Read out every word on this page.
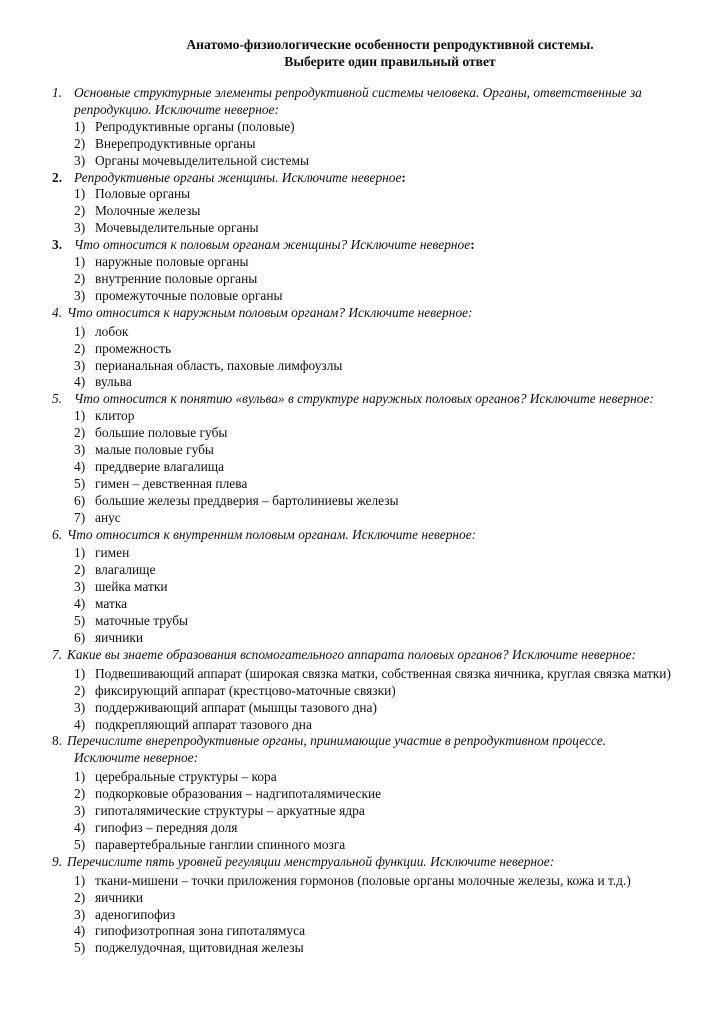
Анатомо-физиологические особенности репродуктивной системы.
Выберите один правильный ответ
1. Основные структурные элементы репродуктивной системы человека. Органы, ответственные за репродукцию. Исключите неверное:
1) Репродуктивные органы (половые)
2) Внерепродуктивные органы
3) Органы мочевыделительной системы
2. Репродуктивные органы женщины. Исключите неверное:
1) Половые органы
2) Молочные железы
3) Мочевыделительные органы
3. Что относится к половым органам женщины? Исключите неверное:
1) наружные половые органы
2) внутренние половые органы
3) промежуточные половые органы
4. Что относится к наружным половым органам? Исключите неверное:
1) лобок
2) промежность
3) перианальная область, паховые лимфоузлы
4) вульва
5. Что относится к понятию «вульва» в структуре наружных половых органов? Исключите неверное:
1) клитор
2) большие половые губы
3) малые половые губы
4) преддверие влагалища
5) гимен – девственная плева
6) большие железы преддверия – бартолиниевы железы
7) анус
6. Что относится к внутренним половым органам. Исключите неверное:
1) гимен
2) влагалище
3) шейка матки
4) матка
5) маточные трубы
6) яичники
7. Какие вы знаете образования вспомогательного аппарата половых органов? Исключите неверное:
1) Подвешивающий аппарат (широкая связка матки, собственная связка яичника, круглая связка матки)
2) фиксирующий аппарат (крестцово-маточные связки)
3) поддерживающий аппарат (мышцы тазового дна)
4) подкрепляющий аппарат тазового дна
8. Перечислите внерепродуктивные органы, принимающие участие в репродуктивном процессе.
Исключите неверное:
1) церебральные структуры – кора
2) подкорковые образования – надгипоталямические
3) гипоталямические структуры – аркуатные ядра
4) гипофиз – передняя доля
5) паравертебральные ганглии спинного мозга
9. Перечислите пять уровней регуляции менструальной функции. Исключите неверное:
1) ткани-мишени – точки приложения гормонов (половые органы молочные железы, кожа и т.д.)
2) яичники
3) аденогипофиз
4) гипофизотропная зона гипоталямуса
5) поджелудочная, щитовидная железы
